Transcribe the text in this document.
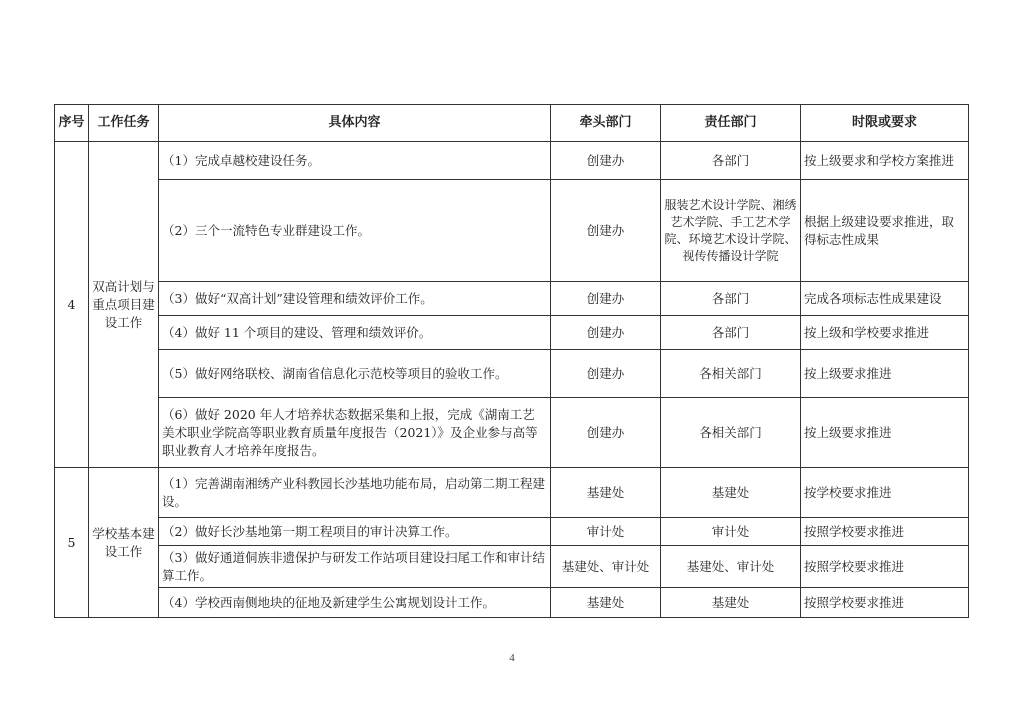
序号	工作任务	具体内容	牵头部门	责任部门	时限或要求
4	双高计划与重点项目建设工作	（1）完成卓越校建设任务。	创建办	各部门	按上级要求和学校方案推进
		（2）三个一流特色专业群建设工作。	创建办	服装艺术设计学院、湘绣艺术学院、手工艺术学院、环境艺术设计学院、视传传播设计学院	根据上级建设要求推进，取得标志性成果
		（3）做好“双高计划”建设管理和绩效评价工作。	创建办	各部门	完成各项标志性成果建设
		（4）做好 11 个项目的建设、管理和绩效评价。	创建办	各部门	按上级和学校要求推进
		（5）做好网络联校、湖南省信息化示范校等项目的验收工作。	创建办	各相关部门	按上级要求推进
		（6）做好 2020 年人才培养状态数据采集和上报，完成《湖南工艺美术职业学院高等职业教育质量年度报告（2021）》及企业参与高等职业教育人才培养年度报告。	创建办	各相关部门	按上级要求推进
5	学校基本建设工作	（1）完善湖南湘绣产业科教园长沙基地功能布局，启动第二期工程建设。	基建处	基建处	按学校要求推进
		（2）做好长沙基地第一期工程项目的审计决算工作。	审计处	审计处	按照学校要求推进
		（3）做好通道侗族非遗保护与研发工作站项目建设扫尾工作和审计结算工作。	基建处、审计处	基建处、审计处	按照学校要求推进
		（4）学校西南侧地块的征地及新建学生公寓规划设计工作。	基建处	基建处	按照学校要求推进
4
